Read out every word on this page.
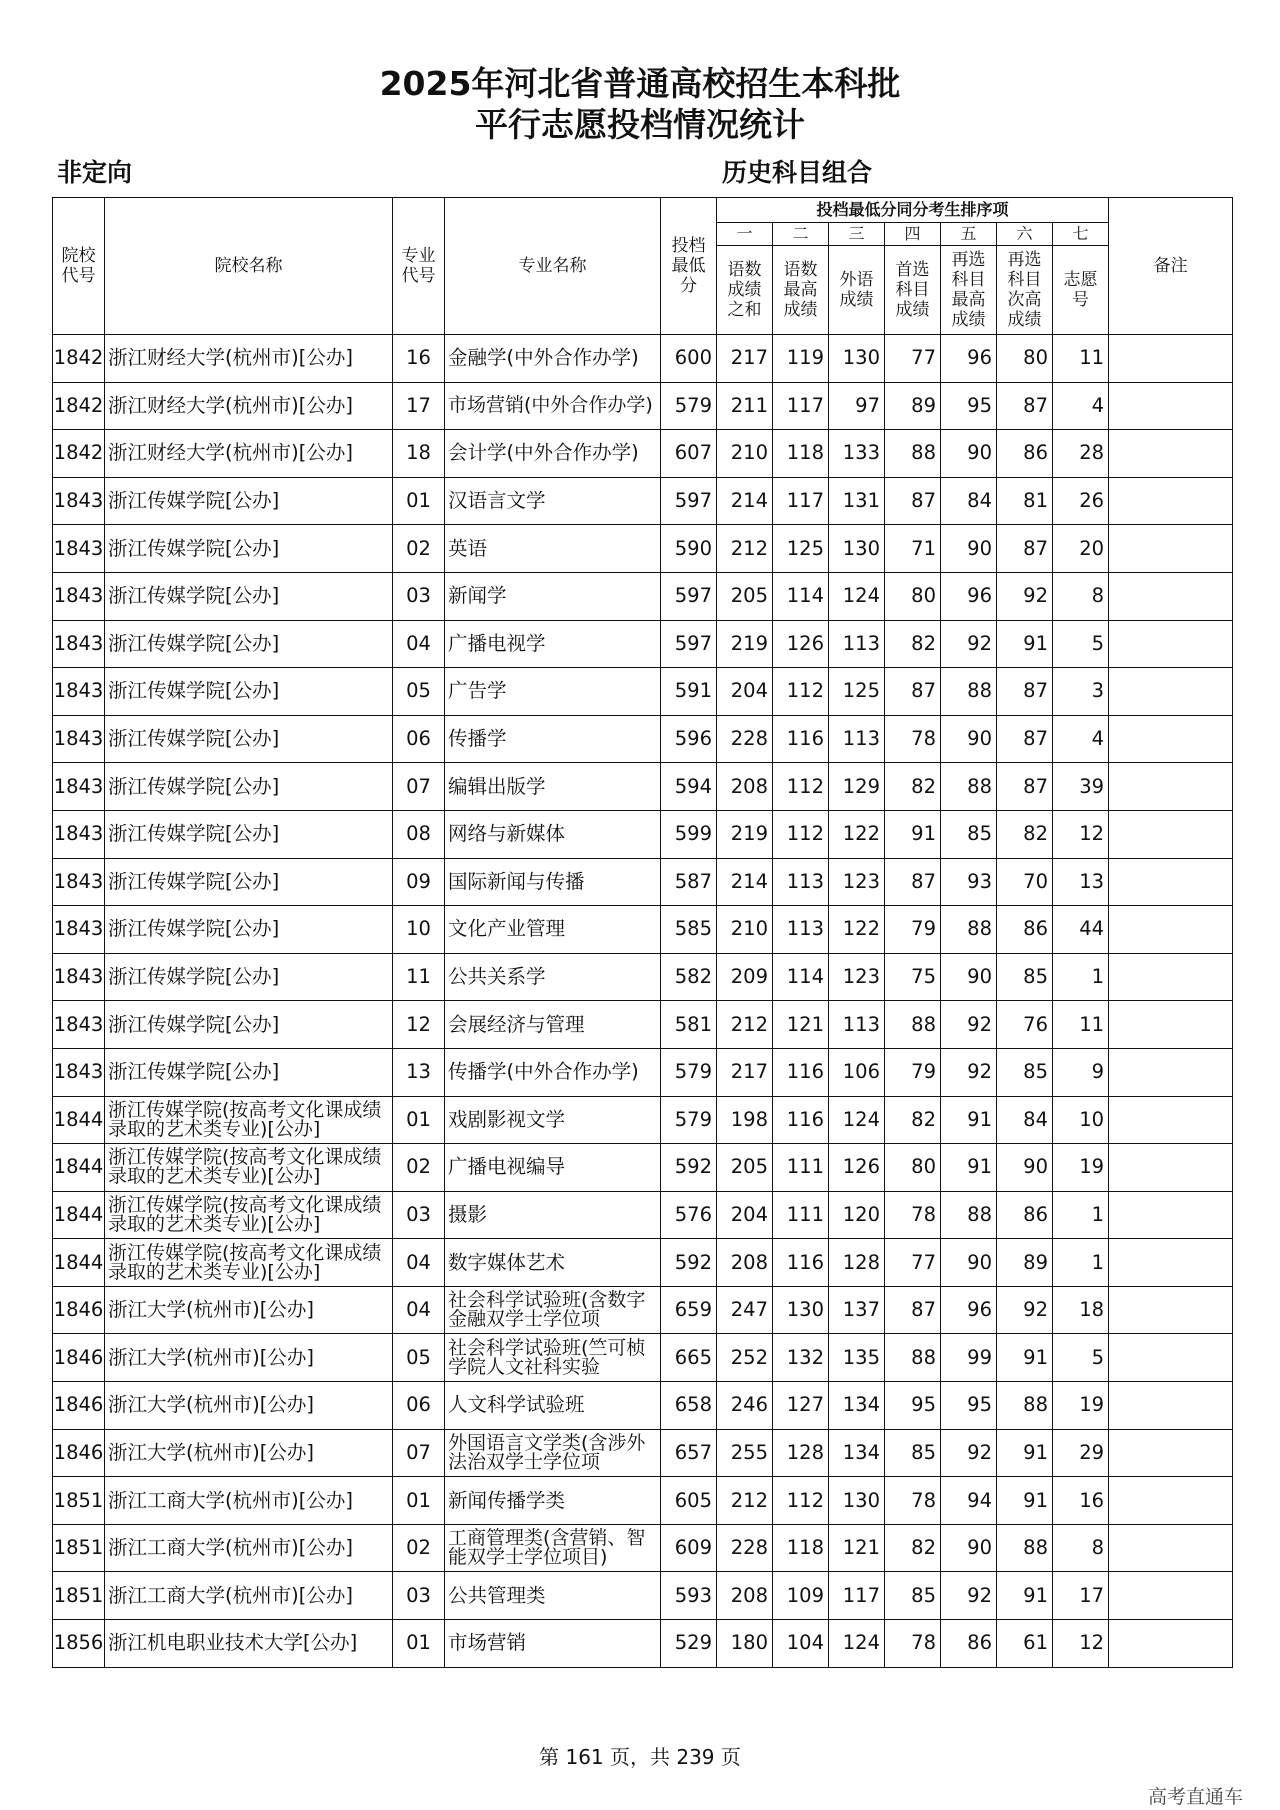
2025年河北省普通高校招生本科批
平行志愿投档情况统计
非定向	历史科目组合
院校代号	院校名称	专业代号	专业名称	投档最低分	投档最低分同分考生排序项							备注
					一	二	三	四	五	六	七	
					语数成绩之和	语数最高成绩	外语成绩	首选科目成绩	再选科目最高成绩	再选科目次高成绩	志愿号	
1842	浙江财经大学(杭州市)[公办]	16	金融学(中外合作办学)	600	217	119	130	77	96	80	11	
1842	浙江财经大学(杭州市)[公办]	17	市场营销(中外合作办学)	579	211	117	97	89	95	87	4	
1842	浙江财经大学(杭州市)[公办]	18	会计学(中外合作办学)	607	210	118	133	88	90	86	28	
1843	浙江传媒学院[公办]	01	汉语言文学	597	214	117	131	87	84	81	26	
1843	浙江传媒学院[公办]	02	英语	590	212	125	130	71	90	87	20	
1843	浙江传媒学院[公办]	03	新闻学	597	205	114	124	80	96	92	8	
1843	浙江传媒学院[公办]	04	广播电视学	597	219	126	113	82	92	91	5	
1843	浙江传媒学院[公办]	05	广告学	591	204	112	125	87	88	87	3	
1843	浙江传媒学院[公办]	06	传播学	596	228	116	113	78	90	87	4	
1843	浙江传媒学院[公办]	07	编辑出版学	594	208	112	129	82	88	87	39	
1843	浙江传媒学院[公办]	08	网络与新媒体	599	219	112	122	91	85	82	12	
1843	浙江传媒学院[公办]	09	国际新闻与传播	587	214	113	123	87	93	70	13	
1843	浙江传媒学院[公办]	10	文化产业管理	585	210	113	122	79	88	86	44	
1843	浙江传媒学院[公办]	11	公共关系学	582	209	114	123	75	90	85	1	
1843	浙江传媒学院[公办]	12	会展经济与管理	581	212	121	113	88	92	76	11	
1843	浙江传媒学院[公办]	13	传播学(中外合作办学)	579	217	116	106	79	92	85	9	
1844	浙江传媒学院(按高考文化课成绩录取的艺术类专业)[公办]	01	戏剧影视文学	579	198	116	124	82	91	84	10	
1844	浙江传媒学院(按高考文化课成绩录取的艺术类专业)[公办]	02	广播电视编导	592	205	111	126	80	91	90	19	
1844	浙江传媒学院(按高考文化课成绩录取的艺术类专业)[公办]	03	摄影	576	204	111	120	78	88	86	1	
1844	浙江传媒学院(按高考文化课成绩录取的艺术类专业)[公办]	04	数字媒体艺术	592	208	116	128	77	90	89	1	
1846	浙江大学(杭州市)[公办]	04	社会科学试验班(含数字金融双学士学位项	659	247	130	137	87	96	92	18	
1846	浙江大学(杭州市)[公办]	05	社会科学试验班(竺可桢学院人文社科实验	665	252	132	135	88	99	91	5	
1846	浙江大学(杭州市)[公办]	06	人文科学试验班	658	246	127	134	95	95	88	19	
1846	浙江大学(杭州市)[公办]	07	外国语言文学类(含涉外法治双学士学位项	657	255	128	134	85	92	91	29	
1851	浙江工商大学(杭州市)[公办]	01	新闻传播学类	605	212	112	130	78	94	91	16	
1851	浙江工商大学(杭州市)[公办]	02	工商管理类(含营销、智能双学士学位项目)	609	228	118	121	82	90	88	8	
1851	浙江工商大学(杭州市)[公办]	03	公共管理类	593	208	109	117	85	92	91	17	
1856	浙江机电职业技术大学[公办]	01	市场营销	529	180	104	124	78	86	61	12	
第 161 页，共 239 页
高考直通车
